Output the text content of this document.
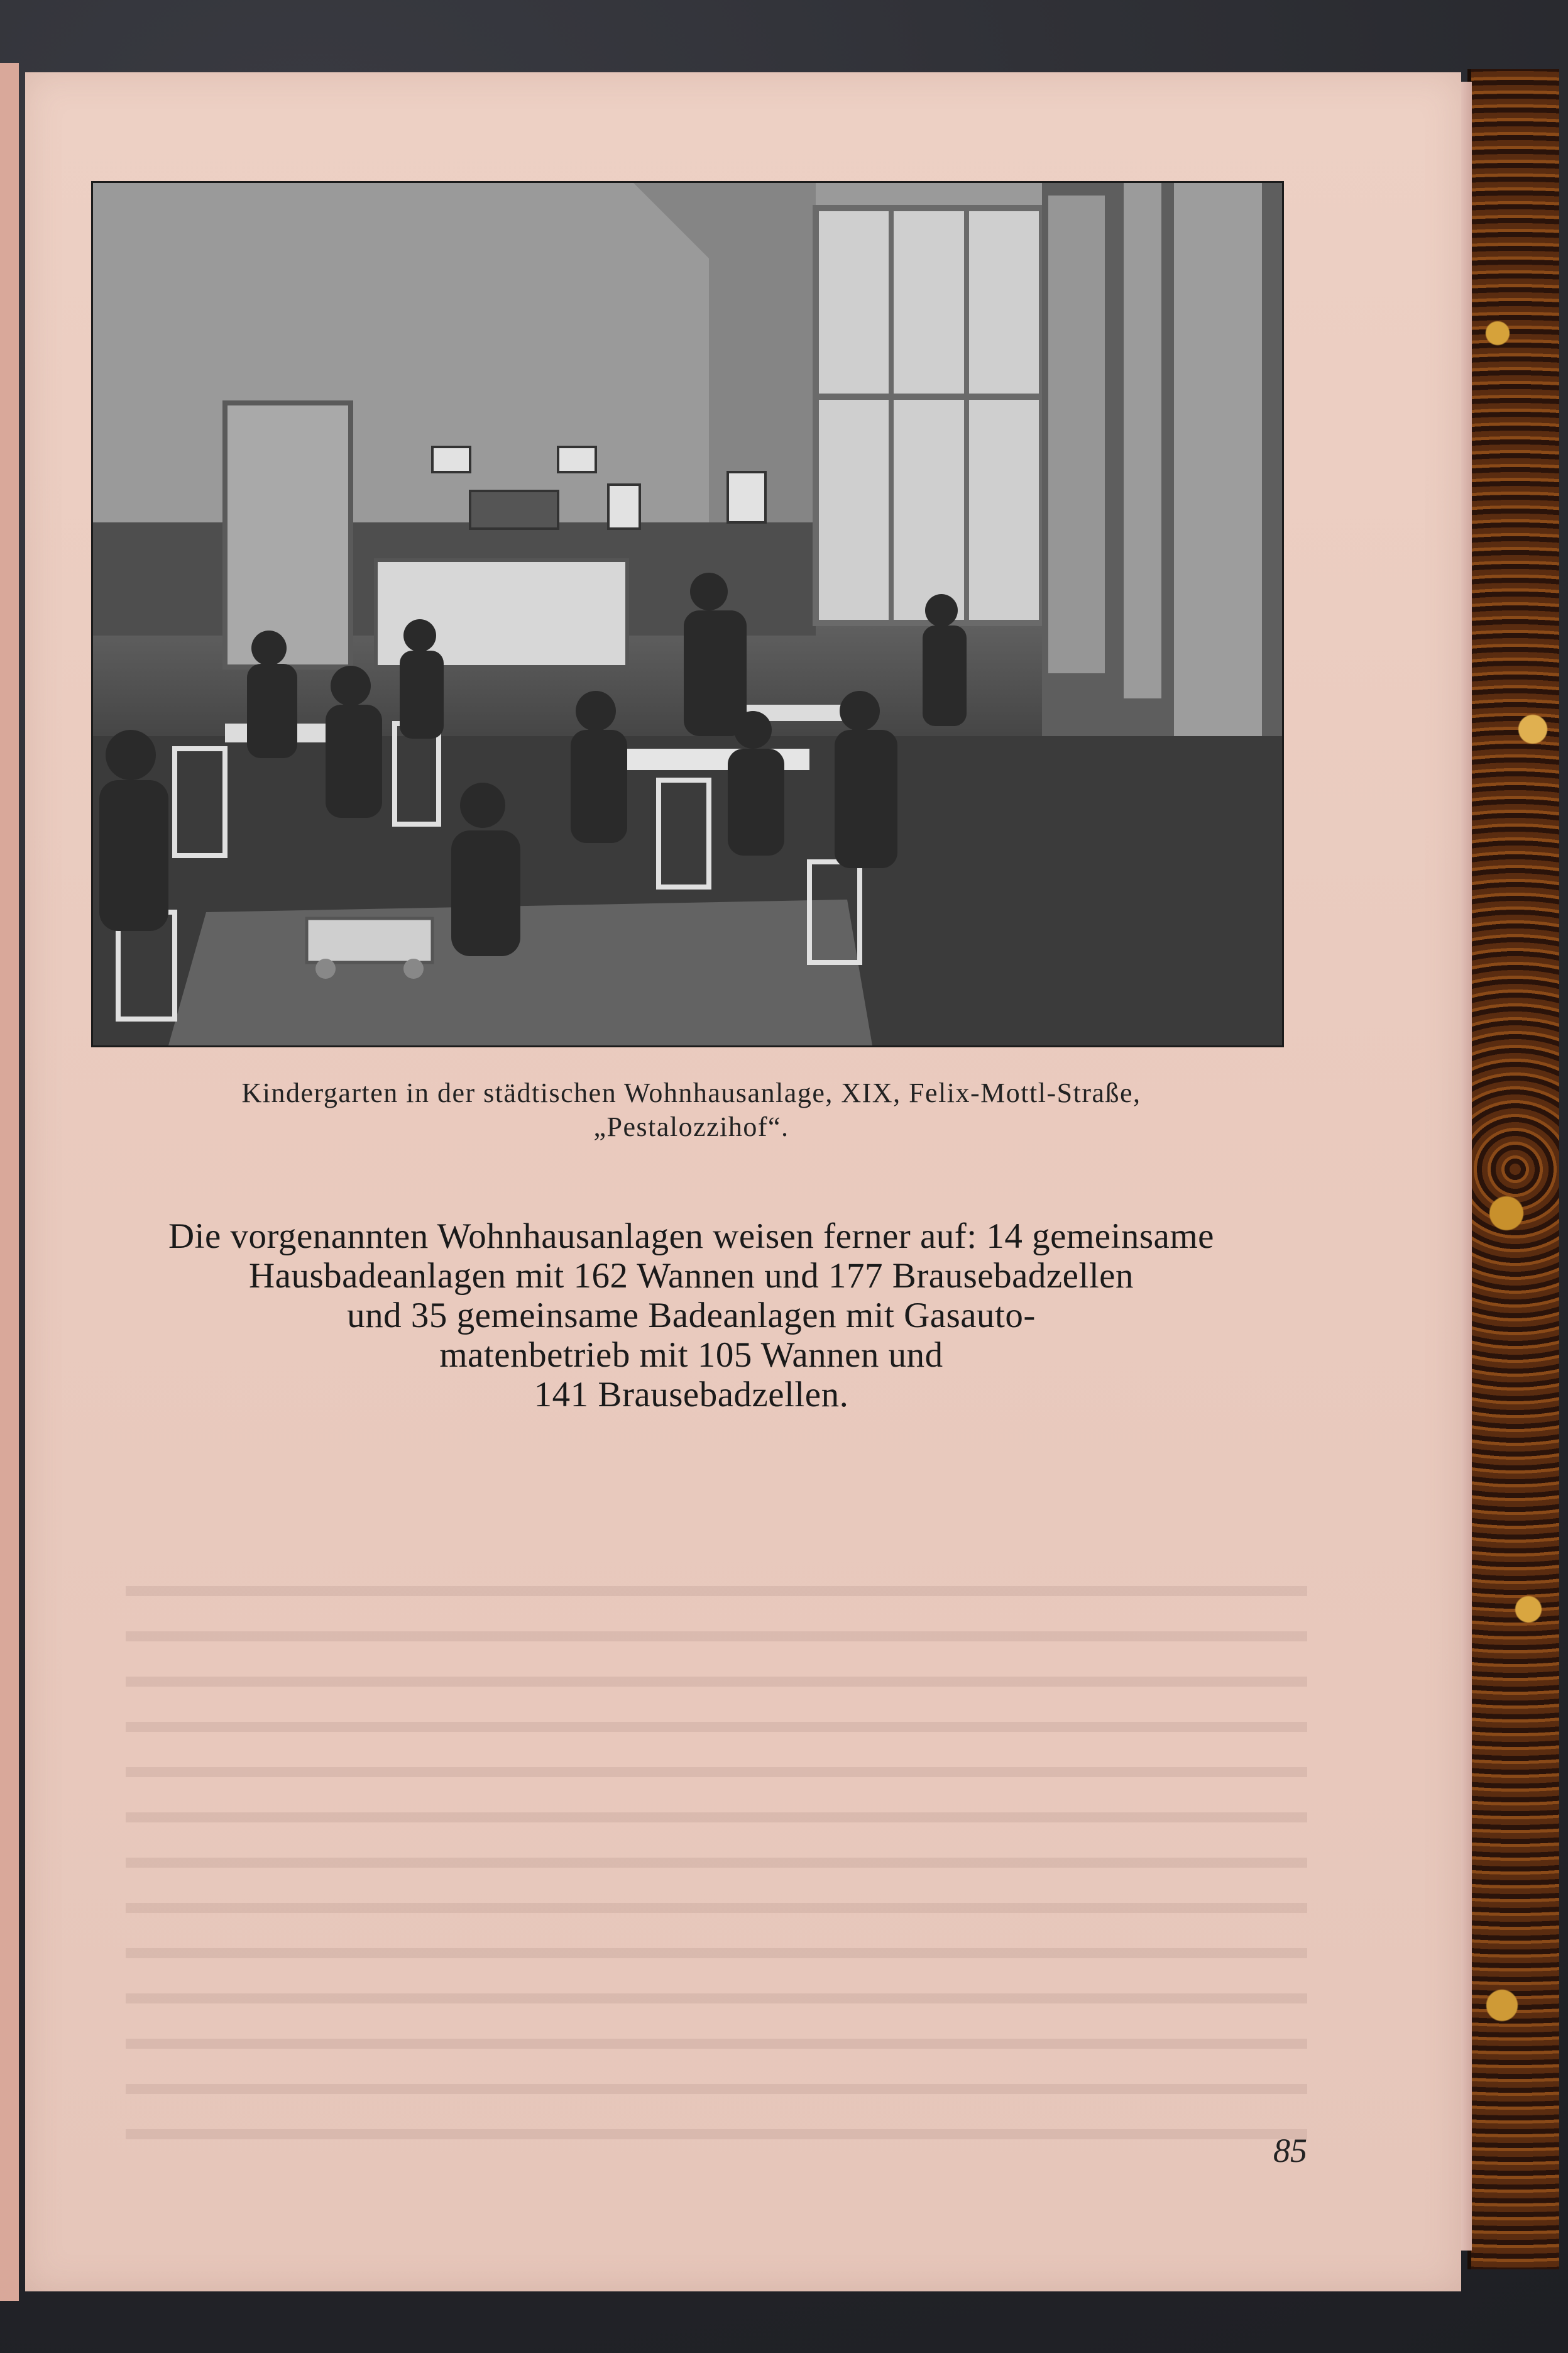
Kindergarten in der städtischen Wohnhausanlage, XIX, Felix-Mottl-Straße,
„Pestalozzihof“.
Die vorgenannten Wohnhausanlagen weisen ferner auf: 14 gemeinsame
Hausbadeanlagen mit 162 Wannen und 177 Brausebadzellen
und 35 gemeinsame Badeanlagen mit Gasauto-
matenbetrieb mit 105 Wannen und
141 Brausebadzellen.
85
